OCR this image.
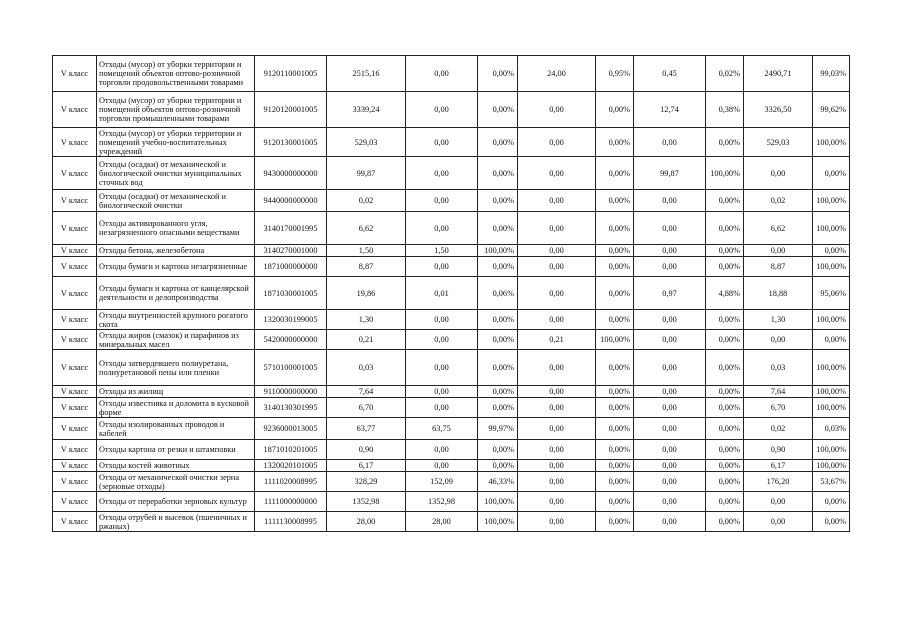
V класс	Отходы (мусор) от уборки территории и помещений объектов оптово-розничной торговли продовольственными товарами	9120110001005	2515,16	0,00	0,00%	24,00	0,95%	0,45	0,02%	2490,71	99,03%
V класс	Отходы (мусор) от уборки территории и помещений объектов оптово-розничной торговли промышленными товарами	9120120001005	3339,24	0,00	0,00%	0,00	0,00%	12,74	0,38%	3326,50	99,62%
V класс	Отходы (мусор) от уборки территории и помещений учебно-воспитательных учреждений	9120130001005	529,03	0,00	0,00%	0,00	0,00%	0,00	0,00%	529,03	100,00%
V класс	Отходы (осадки) от механической и биологической очистки муниципальных сточных вод	9430000000000	99,87	0,00	0,00%	0,00	0,00%	99,87	100,00%	0,00	0,00%
V класс	Отходы (осадки) от механической и биологической очистки	9440000000000	0,02	0,00	0,00%	0,00	0,00%	0,00	0,00%	0,02	100,00%
V класс	Отходы активированного угля, незагрязненного опасными веществами	3140170001995	6,62	0,00	0,00%	0,00	0,00%	0,00	0,00%	6,62	100,00%
V класс	Отходы бетона, железобетона	3140270001000	1,50	1,50	100,00%	0,00	0,00%	0,00	0,00%	0,00	0,00%
V класс	Отходы бумаги и картона незагрязненные	1871000000000	8,87	0,00	0,00%	0,00	0,00%	0,00	0,00%	8,87	100,00%
V класс	Отходы бумаги и картона от канцелярской деятельности и делопроизводства	1871030001005	19,86	0,01	0,06%	0,00	0,00%	0,97	4,88%	18,88	95,06%
V класс	Отходы внутренностей крупного рогатого скота	1320030199005	1,30	0,00	0,00%	0,00	0,00%	0,00	0,00%	1,30	100,00%
V класс	Отходы жиров (смазок) и парафинов из минеральных масел	5420000000000	0,21	0,00	0,00%	0,21	100,00%	0,00	0,00%	0,00	0,00%
V класс	Отходы затвердевшего полиуретана, полиуретановой пены или пленки	5710100001005	0,03	0,00	0,00%	0,00	0,00%	0,00	0,00%	0,03	100,00%
V класс	Отходы из жилищ	9110000000000	7,64	0,00	0,00%	0,00	0,00%	0,00	0,00%	7,64	100,00%
V класс	Отходы известняка и доломита в кусковой форме	3140130301995	6,70	0,00	0,00%	0,00	0,00%	0,00	0,00%	6,70	100,00%
V класс	Отходы изолированных проводов и кабелей	9236000013005	63,77	63,75	99,97%	0,00	0,00%	0,00	0,00%	0,02	0,03%
V класс	Отходы картона от резки и штамповки	1871010201005	0,90	0,00	0,00%	0,00	0,00%	0,00	0,00%	0,90	100,00%
V класс	Отходы костей животных	1320020101005	6,17	0,00	0,00%	0,00	0,00%	0,00	0,00%	6,17	100,00%
V класс	Отходы от механической очистки зерна (зерновые отходы)	1111020008995	328,29	152,09	46,33%	0,00	0,00%	0,00	0,00%	176,20	53,67%
V класс	Отходы от переработки зерновых культур	1111000000000	1352,98	1352,98	100,00%	0,00	0,00%	0,00	0,00%	0,00	0,00%
V класс	Отходы отрубей и высевок (пшеничных и ржаных)	1111130008995	28,00	28,00	100,00%	0,00	0,00%	0,00	0,00%	0,00	0,00%
